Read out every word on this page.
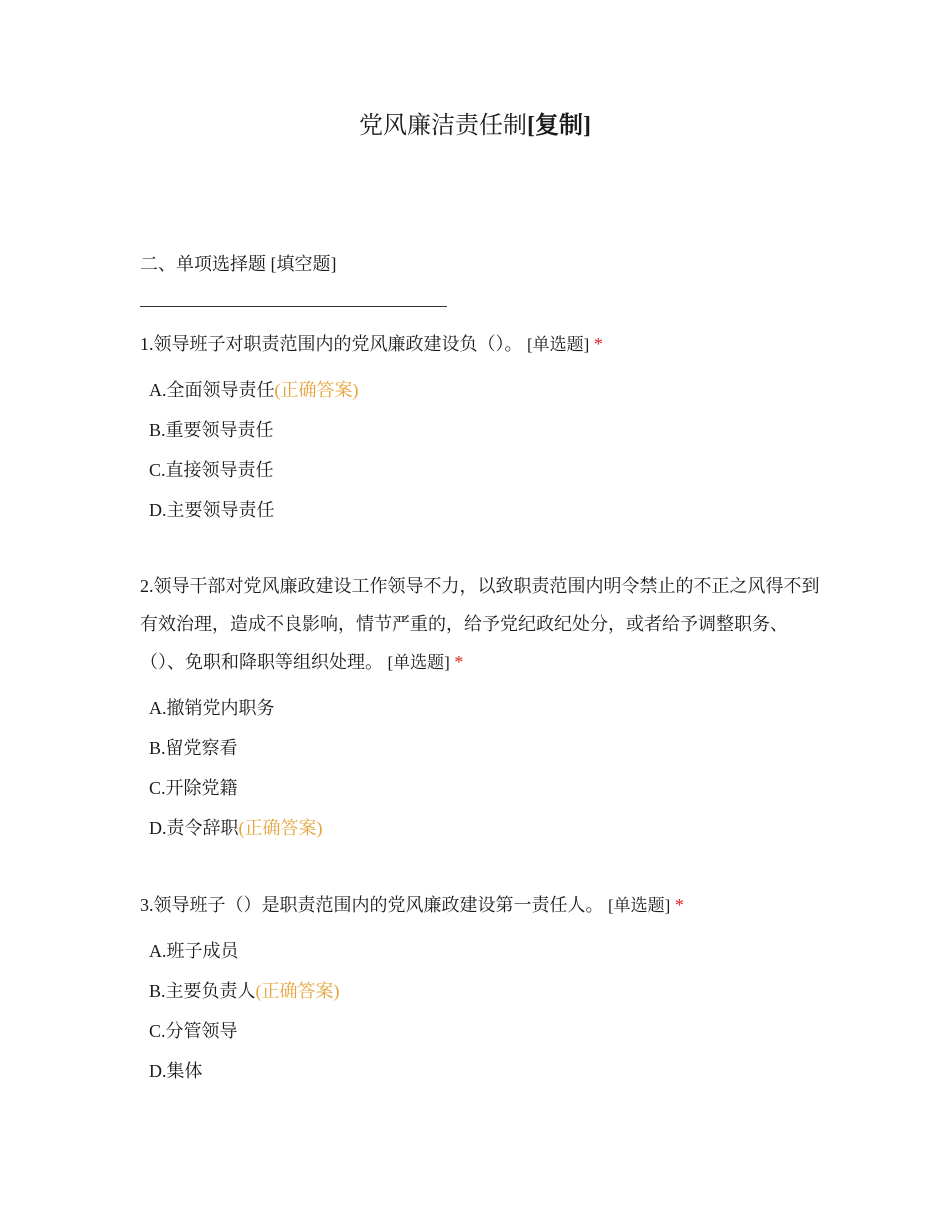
党风廉洁责任制[复制]

二、单项选择题 [填空题]

1.领导班子对职责范围内的党风廉政建设负（）。 [单选题] *

A.全面领导责任(正确答案)
B.重要领导责任
C.直接领导责任
D.主要领导责任

2.领导干部对党风廉政建设工作领导不力，以致职责范围内明令禁止的不正之风得不到有效治理，造成不良影响，情节严重的，给予党纪政纪处分，或者给予调整职务、（）、免职和降职等组织处理。 [单选题] *

A.撤销党内职务
B.留党察看
C.开除党籍
D.责令辞职(正确答案)

3.领导班子（）是职责范围内的党风廉政建设第一责任人。 [单选题] *

A.班子成员
B.主要负责人(正确答案)
C.分管领导
D.集体
